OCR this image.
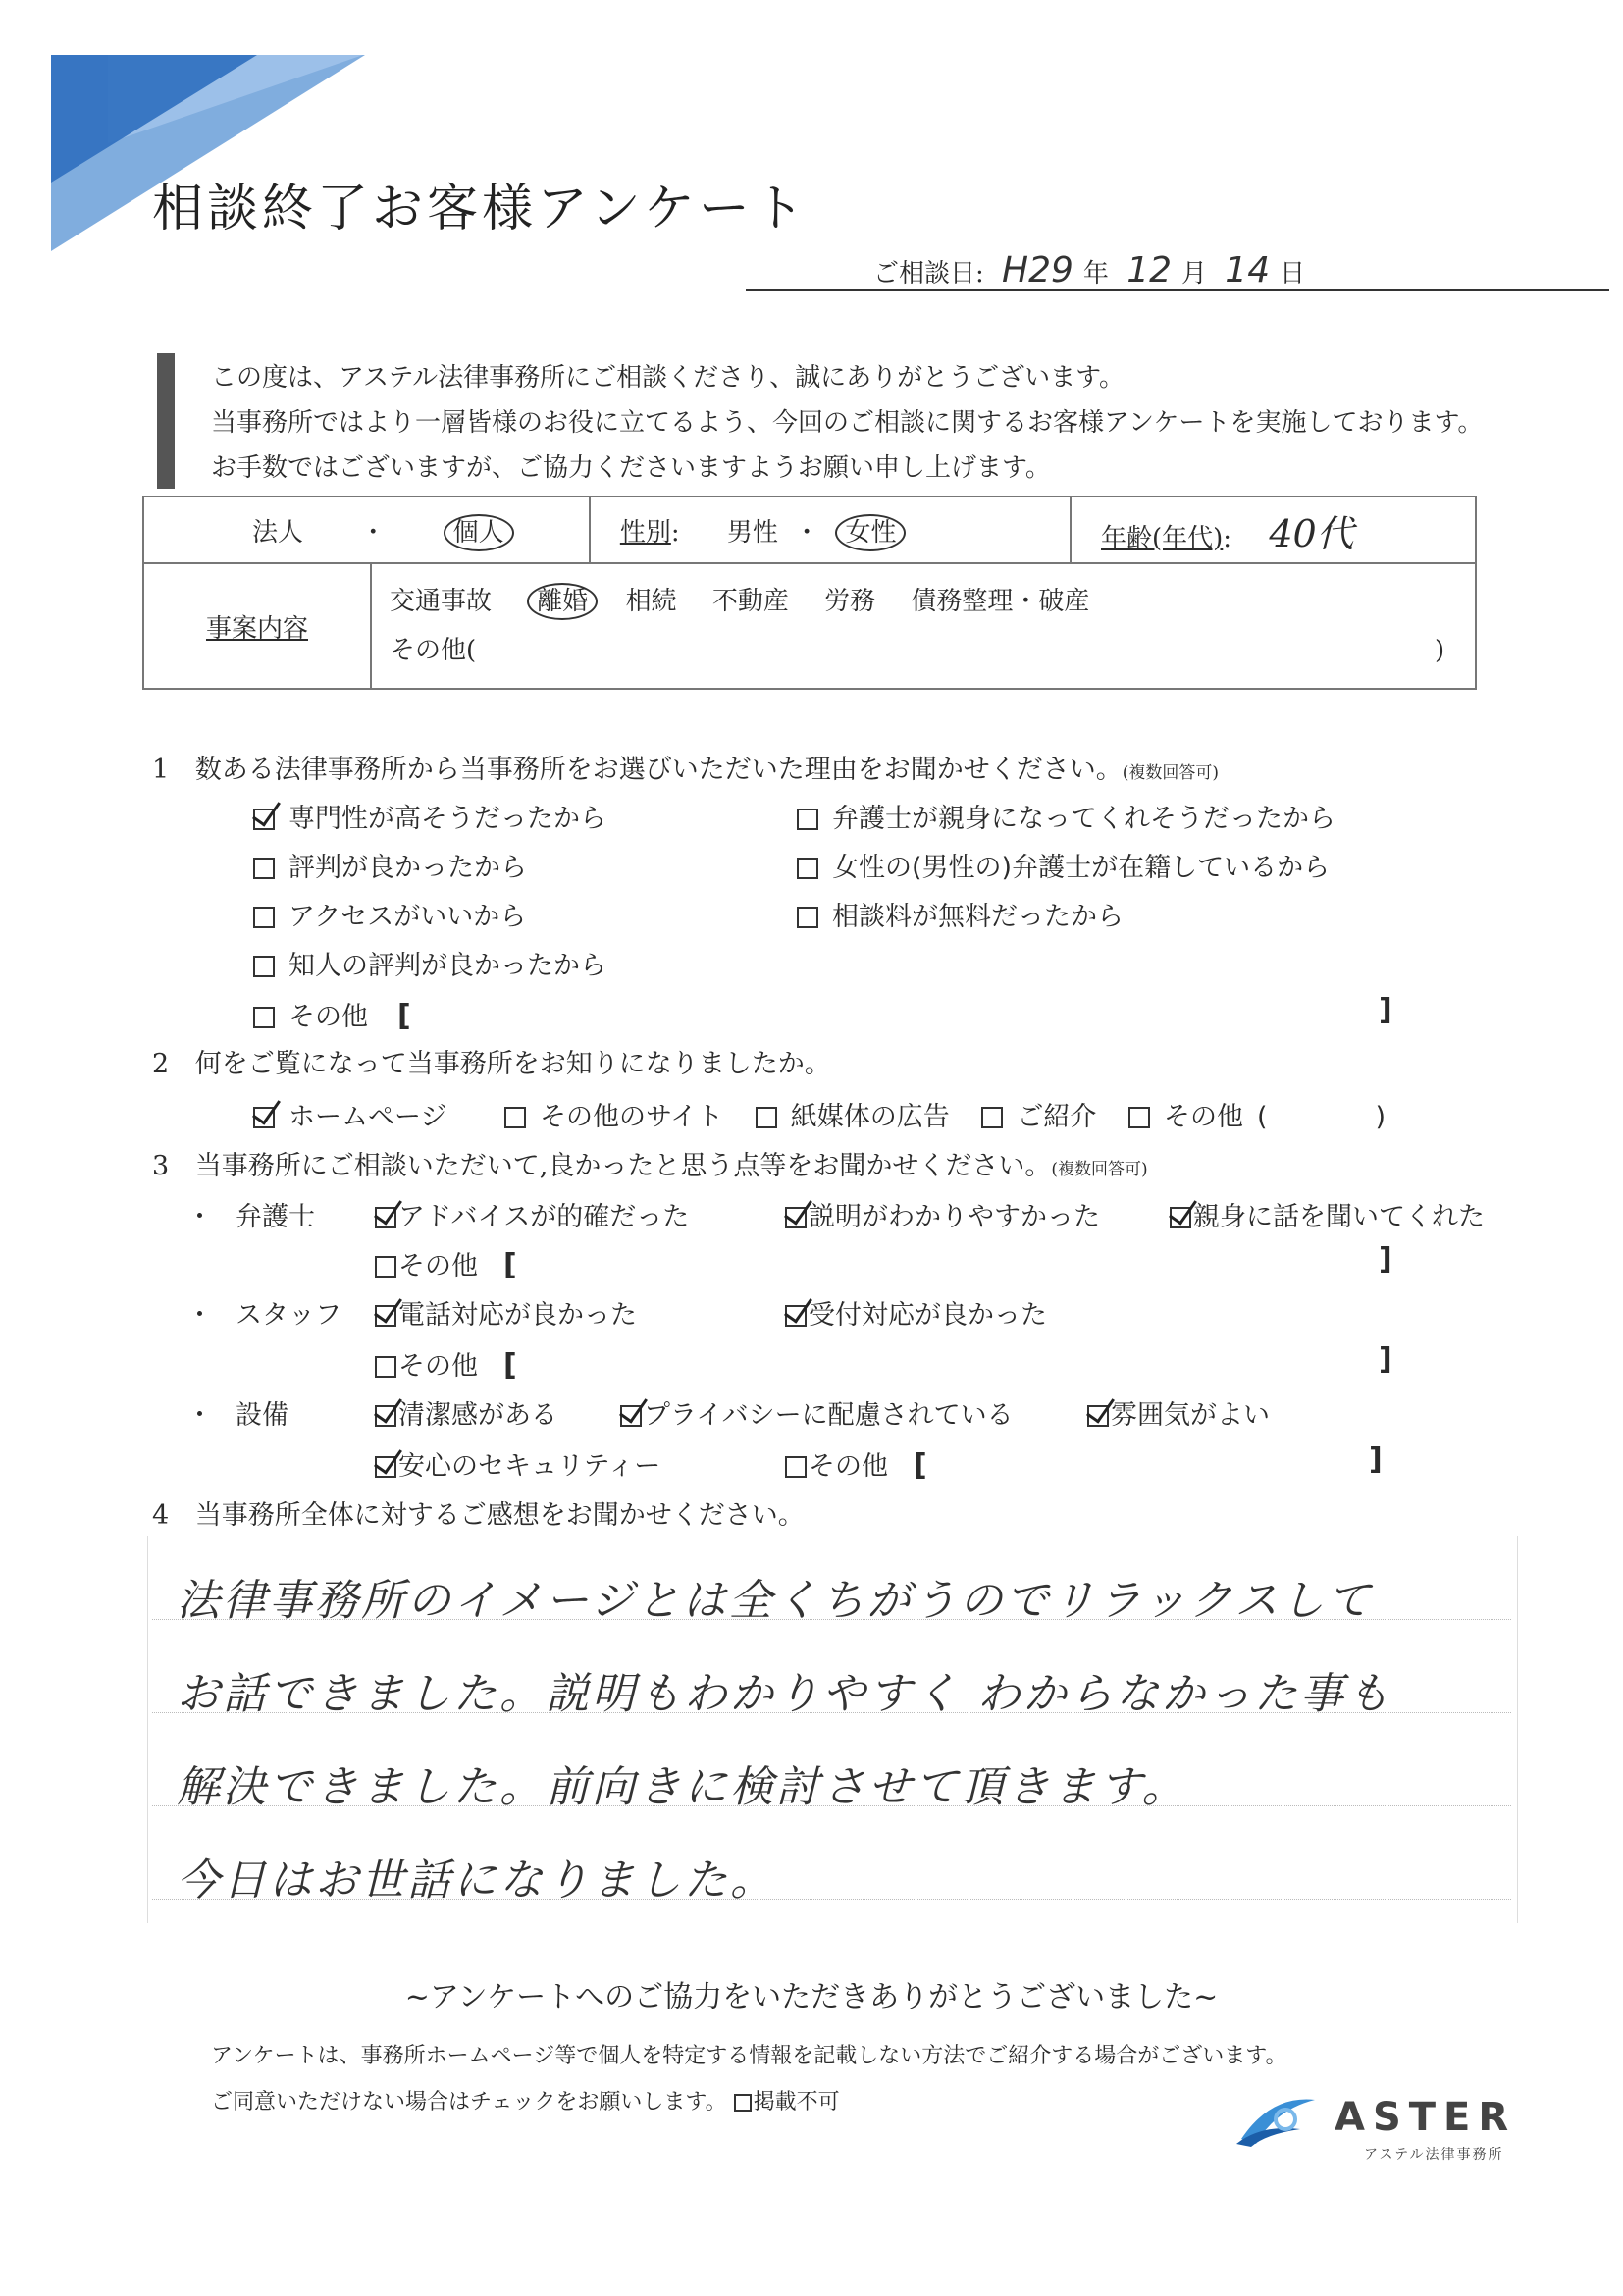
相談終了お客様アンケート
ご相談日: H29 年 12 月 14 日
この度は、アステル法律事務所にご相談くださり、誠にありがとうございます。
当事務所ではより一層皆様のお役に立てるよう、今回のご相談に関するお客様アンケートを実施しております。
お手数ではございますが、ご協力くださいますようお願い申し上げます。
法人 ・ 個人		性別: 男性 ・ 女性	年齢(年代): 40代
事案内容	交通事故 離婚 相続 不動産 労務 債務整理・破産
その他( )		
1 数ある法律事務所から当事務所をお選びいただいた理由をお聞かせください。(複数回答可)
専門性が高そうだったから	弁護士が親身になってくれそうだったから
評判が良かったから	女性の(男性の)弁護士が在籍しているから
アクセスがいいから	相談料が無料だったから
知人の評判が良かったから
その他 [	]
2 何をご覧になって当事務所をお知りになりましたか。
ホームページ	その他のサイト	紙媒体の広告	ご紹介	その他 (	)
3 当事務所にご相談いただいて,良かったと思う点等をお聞かせください。(複数回答可)
・ 弁護士	アドバイスが的確だった	説明がわかりやすかった	親身に話を聞いてくれた
その他 [	]
・ スタッフ	電話対応が良かった	受付対応が良かった
その他 [	]
・ 設備	清潔感がある	プライバシーに配慮されている	雰囲気がよい
安心のセキュリティー	その他 [	]
4 当事務所全体に対するご感想をお聞かせください。
法律事務所のイメージとは全くちがうのでリラックスして
お話できました。説明もわかりやすく わからなかった事も
解決できました。前向きに検討させて頂きます。
今日はお世話になりました。
~アンケートへのご協力をいただきありがとうございました~
アンケートは、事務所ホームページ等で個人を特定する情報を記載しない方法でご紹介する場合がございます。
ご同意いただけない場合はチェックをお願いします。 掲載不可	ASTER
アステル法律事務所
